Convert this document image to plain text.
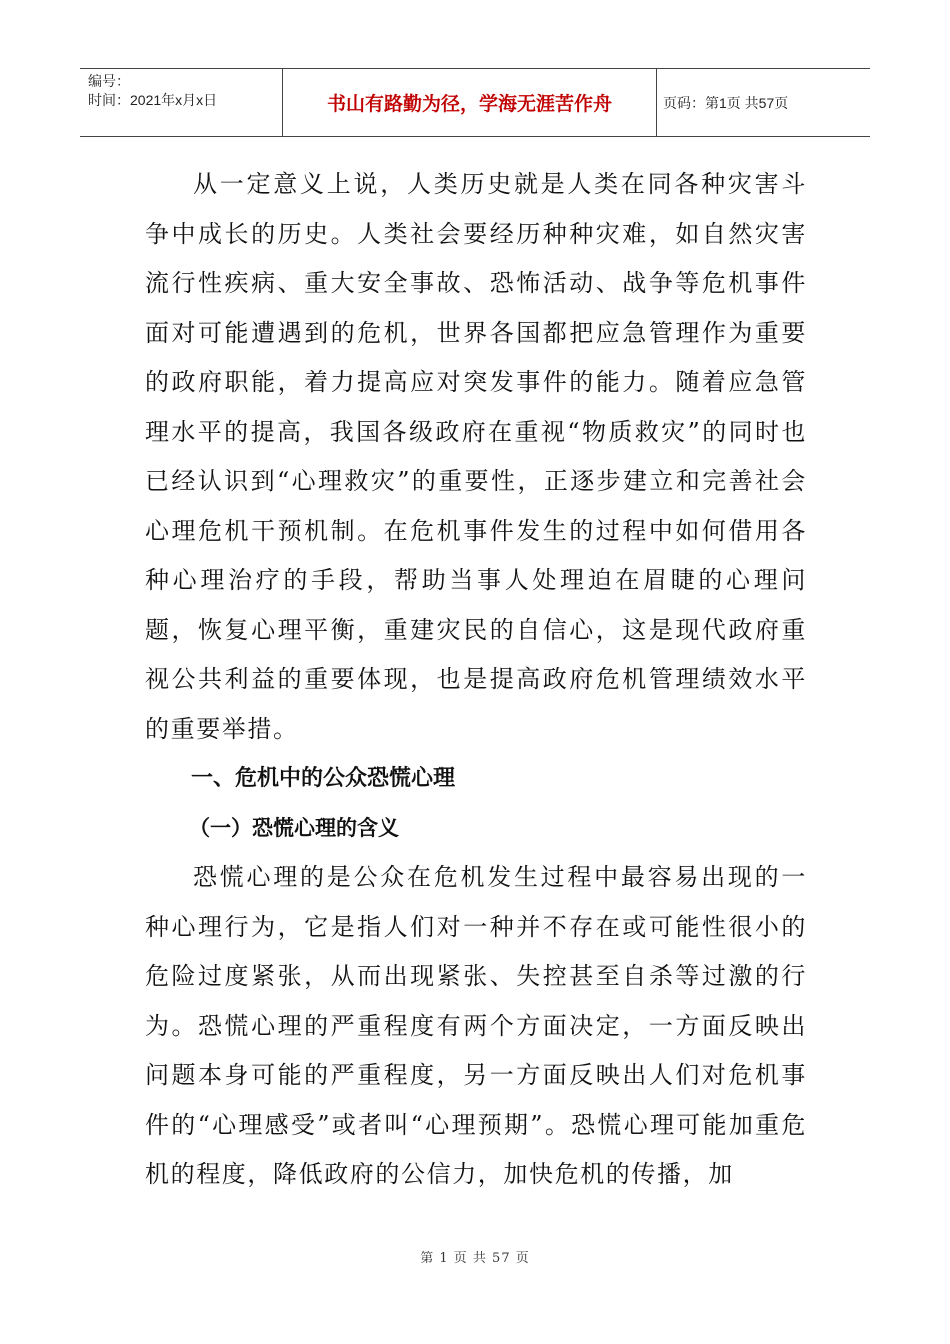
编号：
时间：2021年x月x日	书山有路勤为径，学海无涯苦作舟	页码：第1页 共57页

从一定意义上说，人类历史就是人类在同各种灾害斗争中成长的历史。人类社会要经历种种灾难，如自然灾害流行性疾病、重大安全事故、恐怖活动、战争等危机事件面对可能遭遇到的危机，世界各国都把应急管理作为重要的政府职能，着力提高应对突发事件的能力。随着应急管理水平的提高，我国各级政府在重视“物质救灾”的同时也已经认识到“心理救灾”的重要性，正逐步建立和完善社会心理危机干预机制。在危机事件发生的过程中如何借用各种心理治疗的手段，帮助当事人处理迫在眉睫的心理问题，恢复心理平衡，重建灾民的自信心，这是现代政府重视公共利益的重要体现，也是提高政府危机管理绩效水平的重要举措。

一、危机中的公众恐慌心理
（一）恐慌心理的含义

恐慌心理的是公众在危机发生过程中最容易出现的一种心理行为，它是指人们对一种并不存在或可能性很小的危险过度紧张，从而出现紧张、失控甚至自杀等过激的行为。恐慌心理的严重程度有两个方面决定，一方面反映出问题本身可能的严重程度，另一方面反映出人们对危机事件的“心理感受”或者叫“心理预期”。恐慌心理可能加重危机的程度，降低政府的公信力，加快危机的传播，加

第 1 页 共 57 页
